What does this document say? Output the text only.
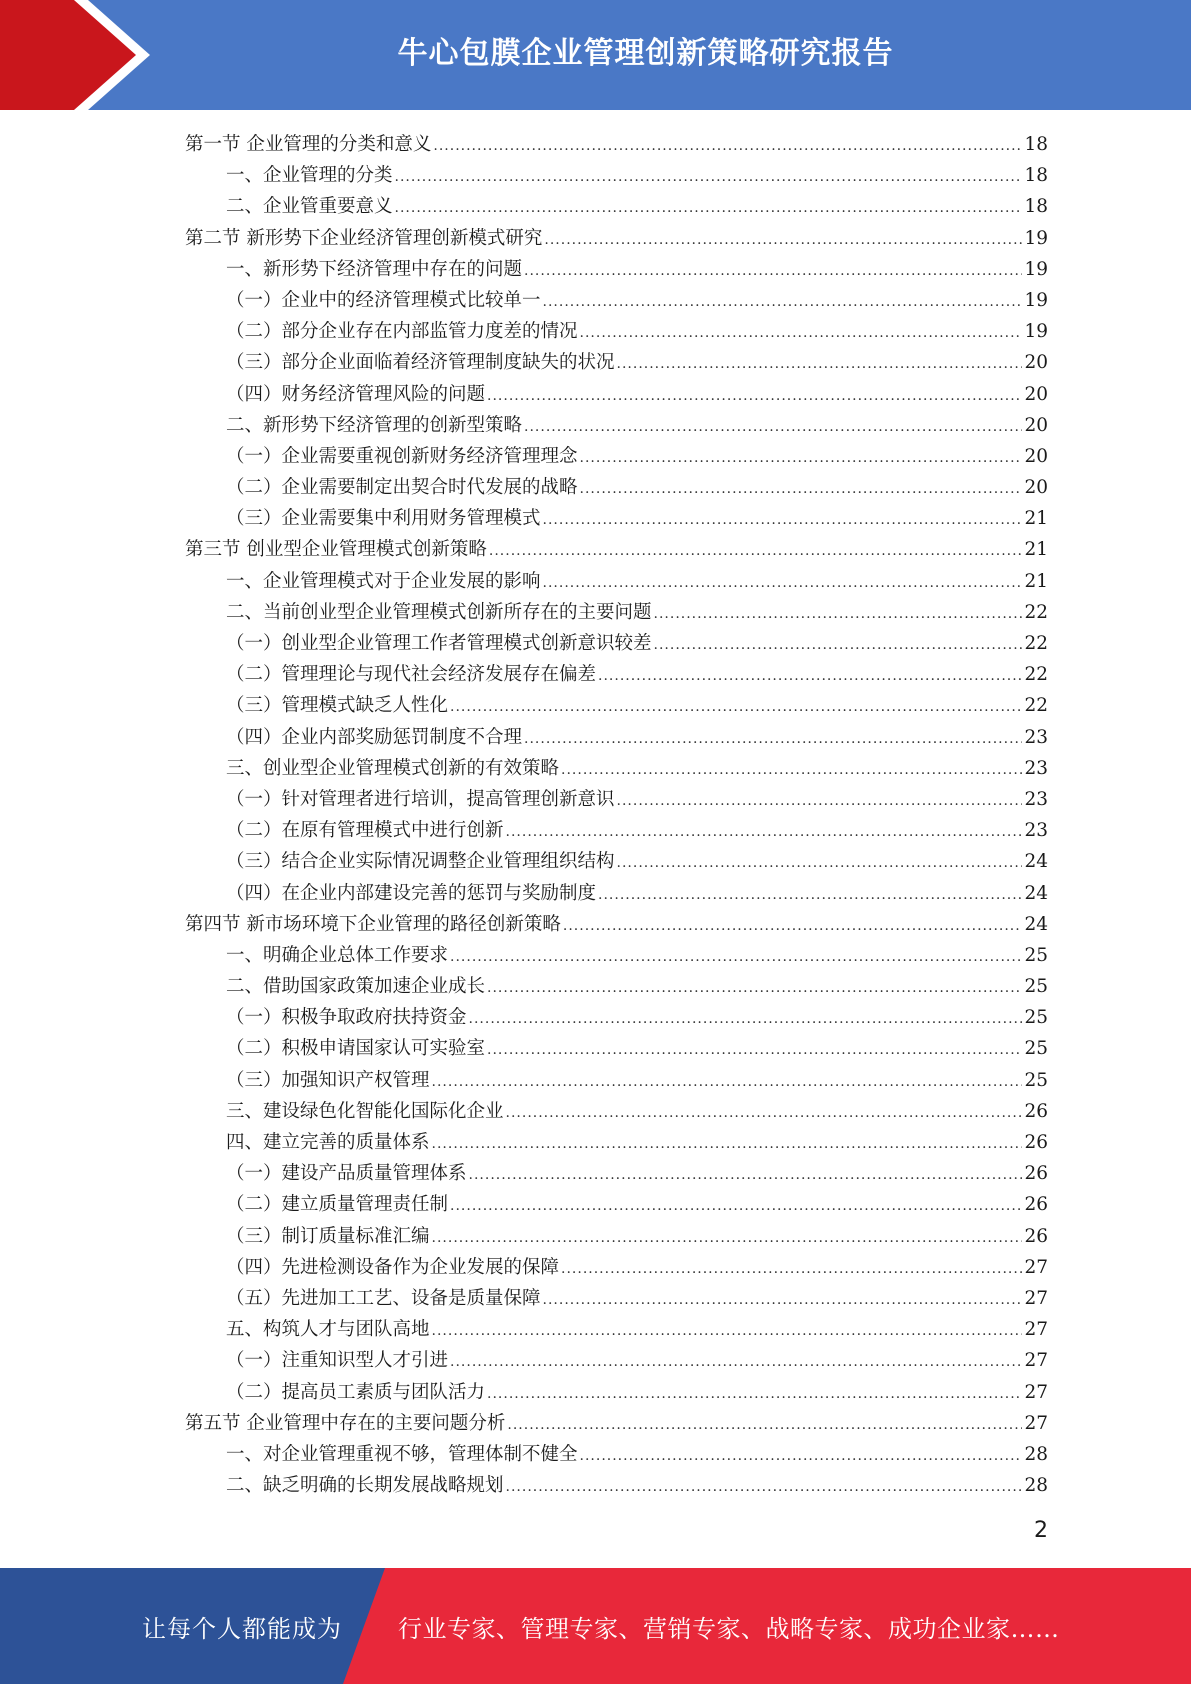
牛心包膜企业管理创新策略研究报告
第一节 企业管理的分类和意义 .....	18
一、企业管理的分类 .....	18
二、企业管重要意义 .....	18
第二节 新形势下企业经济管理创新模式研究 .....	19
一、新形势下经济管理中存在的问题 .....	19
（一）企业中的经济管理模式比较单一 .....	19
（二）部分企业存在内部监管力度差的情况 .....	19
（三）部分企业面临着经济管理制度缺失的状况 .....	20
（四）财务经济管理风险的问题 .....	20
二、新形势下经济管理的创新型策略 .....	20
（一）企业需要重视创新财务经济管理理念 .....	20
（二）企业需要制定出契合时代发展的战略 .....	20
（三）企业需要集中利用财务管理模式 .....	21
第三节 创业型企业管理模式创新策略 .....	21
一、企业管理模式对于企业发展的影响 .....	21
二、当前创业型企业管理模式创新所存在的主要问题 .....	22
（一）创业型企业管理工作者管理模式创新意识较差 .....	22
（二）管理理论与现代社会经济发展存在偏差 .....	22
（三）管理模式缺乏人性化 .....	22
（四）企业内部奖励惩罚制度不合理 .....	23
三、创业型企业管理模式创新的有效策略 .....	23
（一）针对管理者进行培训，提高管理创新意识 .....	23
（二）在原有管理模式中进行创新 .....	23
（三）结合企业实际情况调整企业管理组织结构 .....	24
（四）在企业内部建设完善的惩罚与奖励制度 .....	24
第四节 新市场环境下企业管理的路径创新策略 .....	24
一、明确企业总体工作要求 .....	25
二、借助国家政策加速企业成长 .....	25
（一）积极争取政府扶持资金 .....	25
（二）积极申请国家认可实验室 .....	25
（三）加强知识产权管理 .....	25
三、建设绿色化智能化国际化企业 .....	26
四、建立完善的质量体系 .....	26
（一）建设产品质量管理体系 .....	26
（二）建立质量管理责任制 .....	26
（三）制订质量标准汇编 .....	26
（四）先进检测设备作为企业发展的保障 .....	27
（五）先进加工工艺、设备是质量保障 .....	27
五、构筑人才与团队高地 .....	27
（一）注重知识型人才引进 .....	27
（二）提高员工素质与团队活力 .....	27
第五节 企业管理中存在的主要问题分析 .....	27
一、对企业管理重视不够，管理体制不健全 .....	28
二、缺乏明确的长期发展战略规划 .....	28
2
让每个人都能成为 行业专家、管理专家、营销专家、战略专家、成功企业家……
